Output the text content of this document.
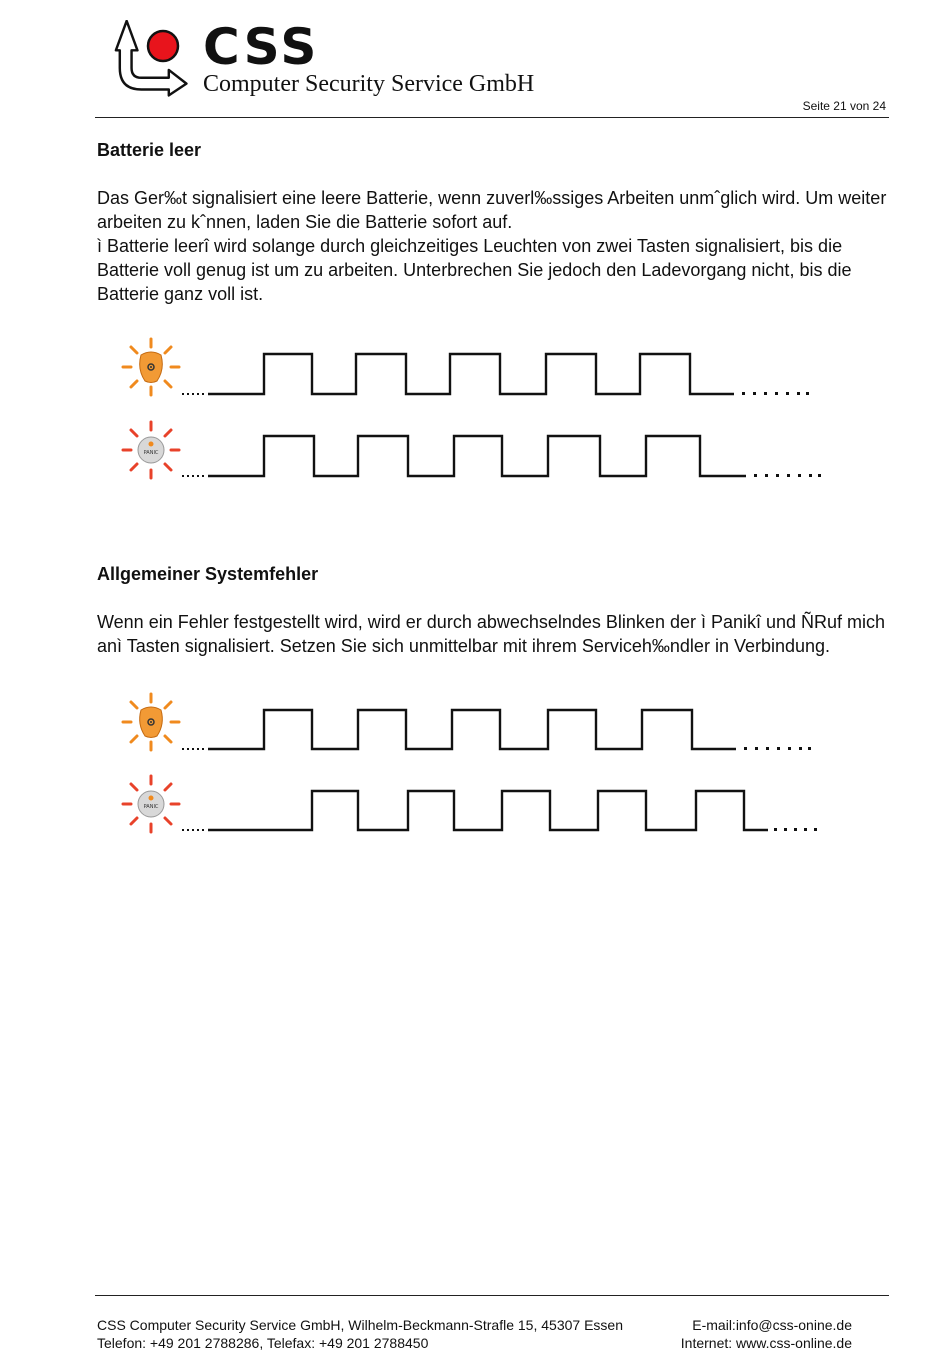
CSS
Computer Security Service GmbH
Seite 21 von 24
Batterie leer
Das Ger‰t signalisiert eine leere Batterie, wenn zuverl‰ssiges Arbeiten unmˆglich wird. Um weiter arbeiten zu kˆnnen, laden Sie die Batterie sofort auf.
ì Batterie leerî wird solange durch gleichzeitiges Leuchten von zwei Tasten signalisiert, bis die Batterie voll genug ist um zu arbeiten. Unterbrechen Sie jedoch den Ladevorgang nicht, bis die Batterie ganz voll ist.
PANIC
Allgemeiner Systemfehler
Wenn ein Fehler festgestellt wird, wird er durch abwechselndes Blinken der ì Panikî und ÑRuf mich anì Tasten signalisiert. Setzen Sie sich unmittelbar mit ihrem Serviceh‰ndler in Verbindung.
PANIC
CSS Computer Security Service GmbH, Wilhelm-Beckmann-Strafle 15, 45307 Essen
Telefon: +49 201 2788286, Telefax: +49 201 2788450
E-mail:info@css-onine.de
Internet: www.css-online.de
